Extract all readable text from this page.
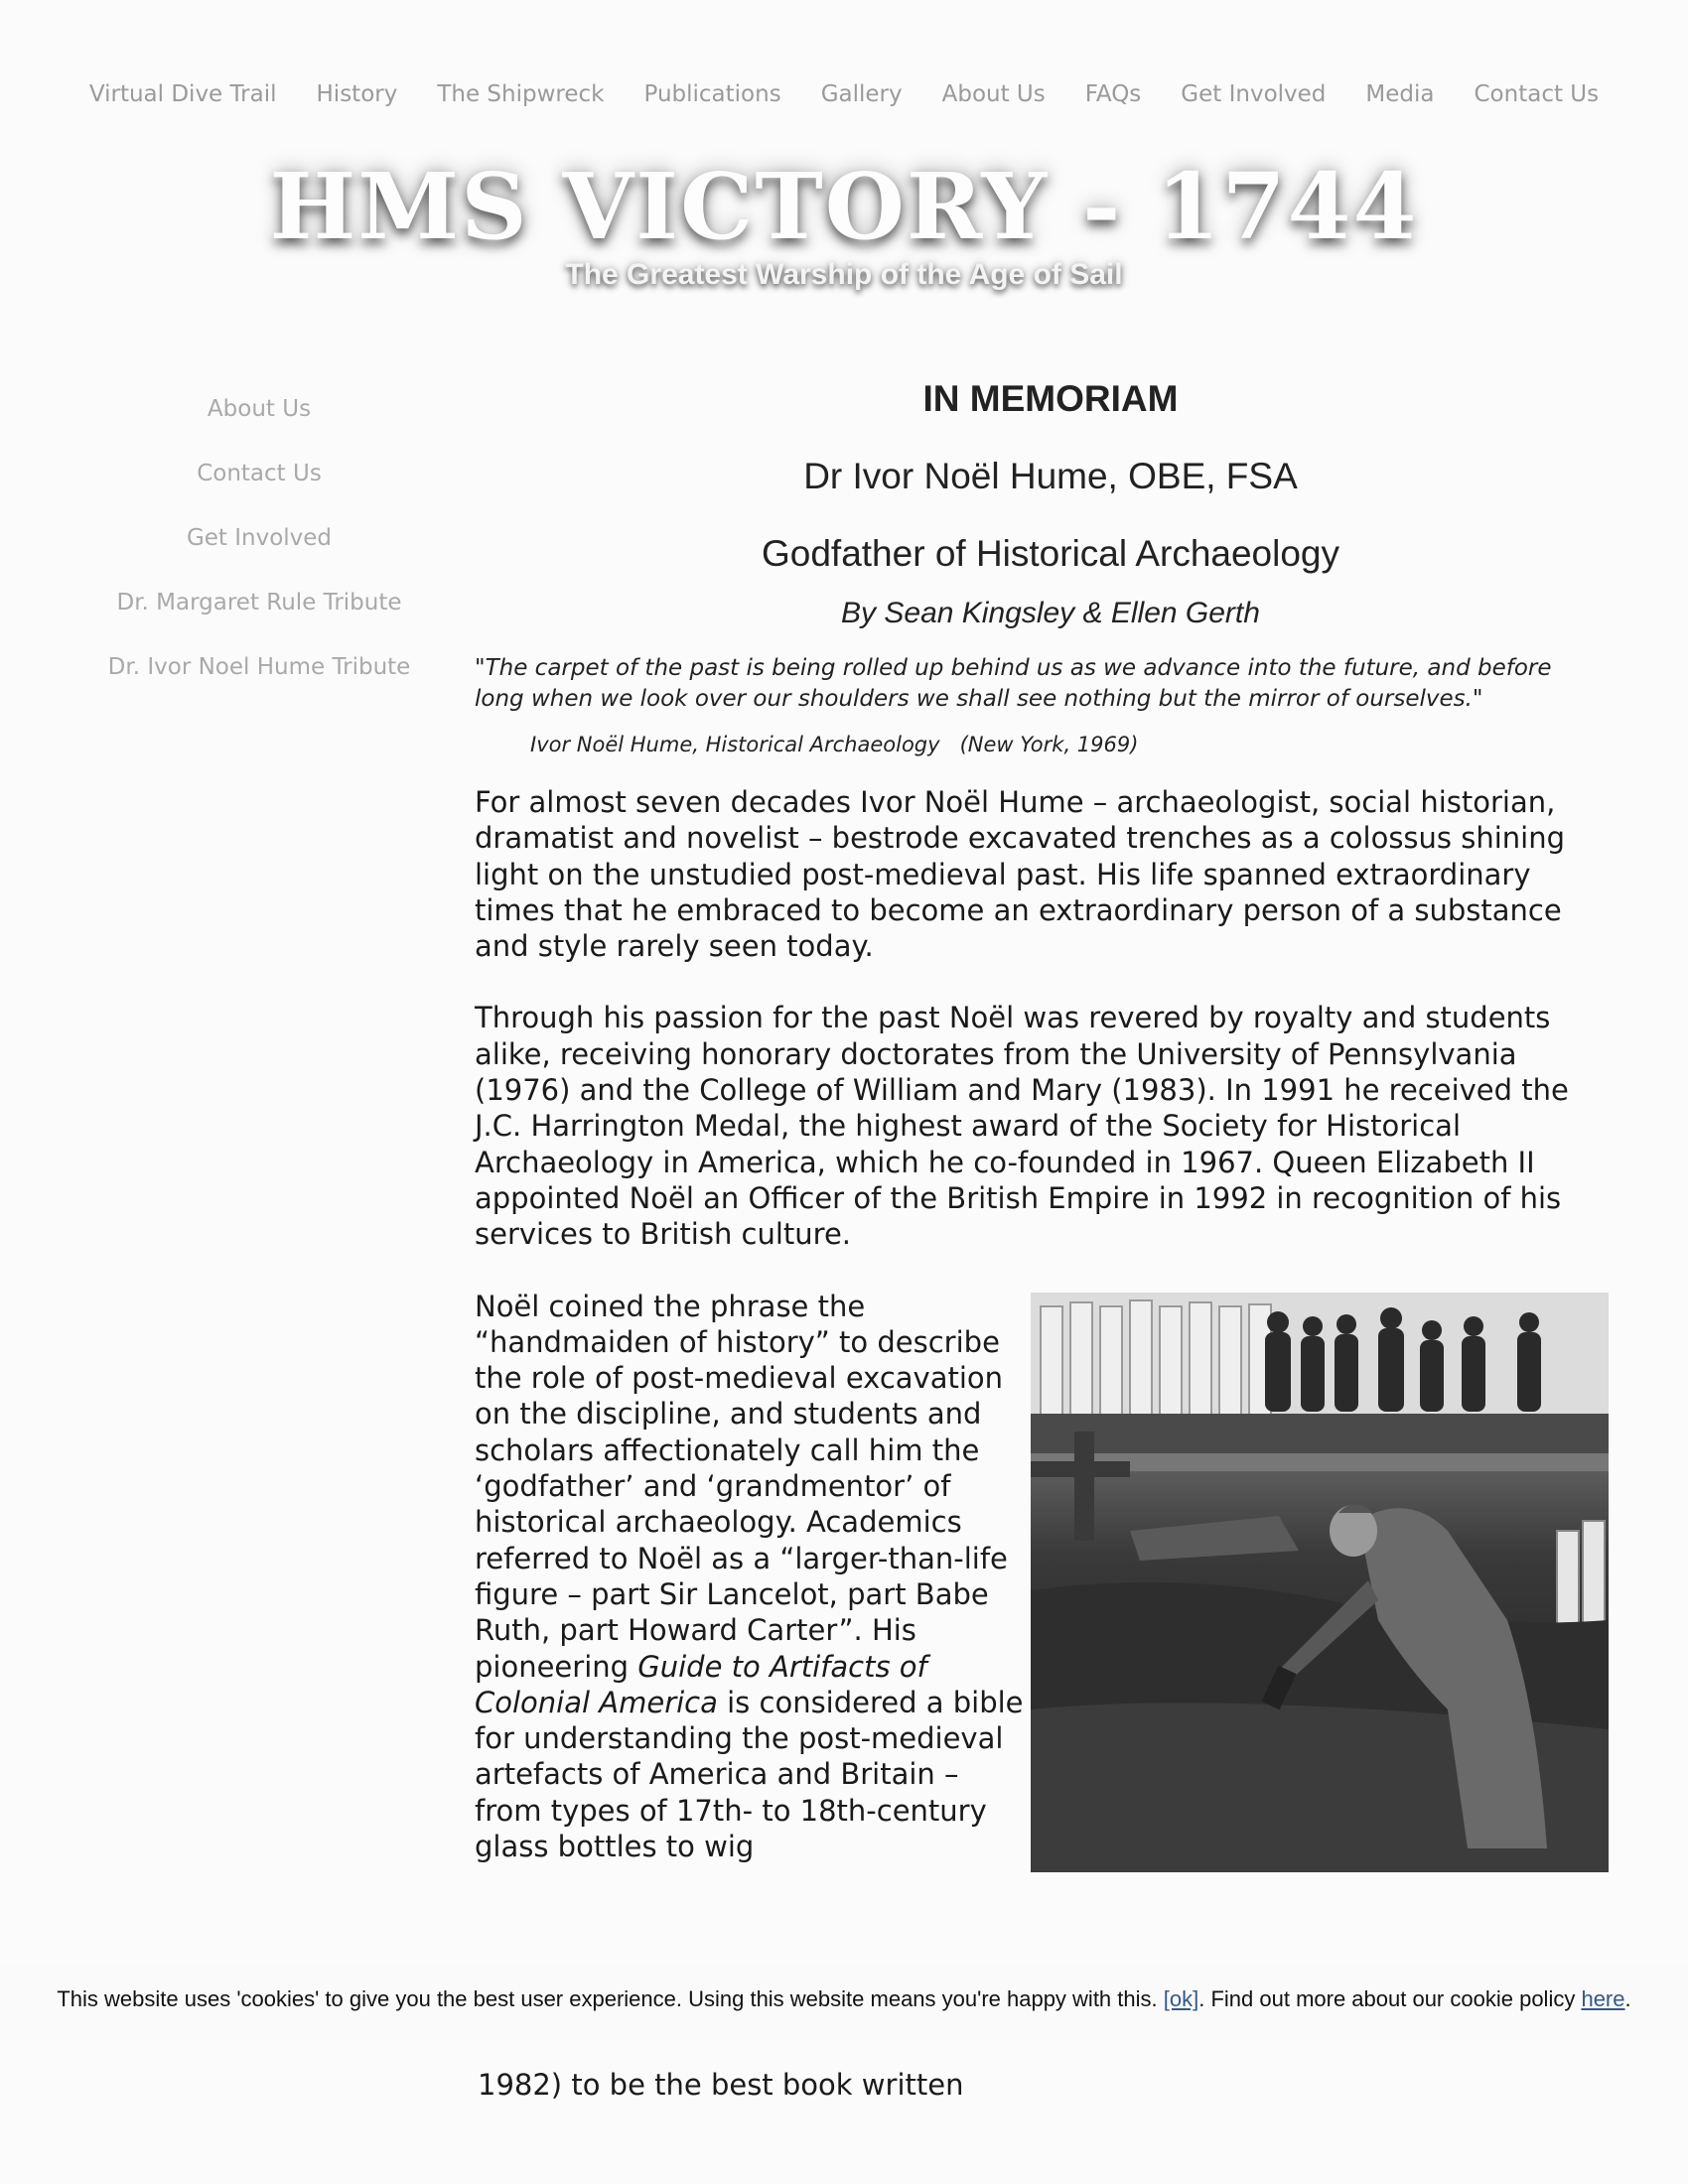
Virtual Dive Trail	History	The Shipwreck	Publications	Gallery	About Us	FAQs	Get Involved	Media	Contact Us
HMS VICTORY - 1744
The Greatest Warship of the Age of Sail
About Us
Contact Us
Get Involved
Dr. Margaret Rule Tribute
Dr. Ivor Noel Hume Tribute
IN MEMORIAM
Dr Ivor Noël Hume, OBE, FSA
Godfather of Historical Archaeology
By Sean Kingsley & Ellen Gerth
"The carpet of the past is being rolled up behind us as we advance into the future, and before long when we look over our shoulders we shall see nothing but the mirror of ourselves."
Ivor Noël Hume, Historical Archaeology (New York, 1969)

For almost seven decades Ivor Noël Hume – archaeologist, social historian, dramatist and novelist – bestrode excavated trenches as a colossus shining light on the unstudied post-medieval past. His life spanned extraordinary times that he embraced to become an extraordinary person of a substance and style rarely seen today.

Through his passion for the past Noël was revered by royalty and students alike, receiving honorary doctorates from the University of Pennsylvania (1976) and the College of William and Mary (1983). In 1991 he received the J.C. Harrington Medal, the highest award of the Society for Historical Archaeology in America, which he co-founded in 1967. Queen Elizabeth II appointed Noël an Officer of the British Empire in 1992 in recognition of his services to British culture.

Noël coined the phrase the “handmaiden of history” to describe the role of post-medieval excavation on the discipline, and students and scholars affectionately call him the ‘godfather’ and ‘grandmentor’ of historical archaeology. Academics referred to Noël as a “larger-than-life figure – part Sir Lancelot, part Babe Ruth, part Howard Carter”. His pioneering Guide to Artifacts of Colonial America is considered a bible for understanding the post-medieval artefacts of America and Britain – from types of 17th- to 18th-century glass bottles to wig
1982) to be the best book written
This website uses 'cookies' to give you the best user experience. Using this website means you're happy with this. [ok]. Find out more about our cookie policy here.
